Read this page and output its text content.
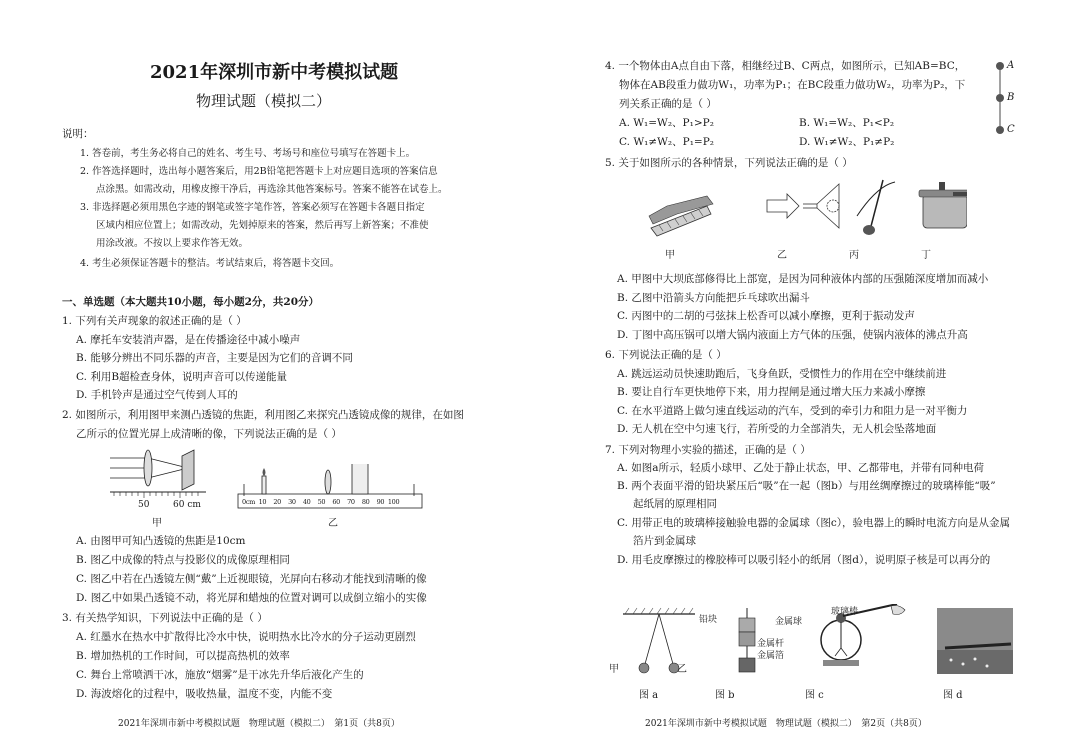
2021年深圳市新中考模拟试题
物理试题（模拟二）
说明：
1. 答卷前，考生务必将自己的姓名、考生号、考场号和座位号填写在答题卡上。
2. 作答选择题时，选出每小题答案后，用2B铅笔把答题卡上对应题目选项的答案信息
点涂黑。如需改动，用橡皮擦干净后，再选涂其他答案标号。答案不能答在试卷上。
3. 非选择题必须用黑色字迹的钢笔或签字笔作答，答案必须写在答题卡各题目指定
区域内相应位置上；如需改动，先划掉原来的答案，然后再写上新答案；不准使
用涂改液。不按以上要求作答无效。
4. 考生必须保证答题卡的整洁。考试结束后，将答题卡交回。
一、单选题（本大题共10小题，每小题2分，共20分）
1. 下列有关声现象的叙述正确的是（ ）
A. 摩托车安装消声器，是在传播途径中减小噪声
B. 能够分辨出不同乐器的声音，主要是因为它们的音调不同
C. 利用B超检查身体，说明声音可以传递能量
D. 手机铃声是通过空气传到人耳的
2. 如图所示，利用图甲来测凸透镜的焦距，利用图乙来探究凸透镜成像的规律，在如图
乙所示的位置光屏上成清晰的像，下列说法正确的是（ ）
50	60 cm
甲
0cm 10 20 30 40 50 60 70 80 90 100
乙
A. 由图甲可知凸透镜的焦距是10cm
B. 图乙中成像的特点与投影仪的成像原理相同
C. 图乙中若在凸透镜左侧“戴”上近视眼镜，光屏向右移动才能找到清晰的像
D. 图乙中如果凸透镜不动，将光屏和蜡烛的位置对调可以成倒立缩小的实像
3. 有关热学知识，下列说法中正确的是（ ）
A. 红墨水在热水中扩散得比冷水中快，说明热水比冷水的分子运动更剧烈
B. 增加热机的工作时间，可以提高热机的效率
C. 舞台上常喷洒干冰，施放“烟雾”是干冰先升华后液化产生的
D. 海波熔化的过程中，吸收热量，温度不变，内能不变
2021年深圳市新中考模拟试题　物理试题（模拟二）　第1页（共8页）
4. 一个物体由A点自由下落，相继经过B、C两点，如图所示，已知AB=BC，
物体在AB段重力做功W₁，功率为P₁；在BC段重力做功W₂，功率为P₂，下
列关系正确的是（ ）
A. W₁=W₂、P₁>P₂	B. W₁=W₂、P₁<P₂
C. W₁≠W₂、P₁=P₂	D. W₁≠W₂、P₁≠P₂
A
B
C
5. 关于如图所示的各种情景，下列说法正确的是（ ）
甲	乙	丙	丁
A. 甲图中大坝底部修得比上部宽，是因为同种液体内部的压强随深度增加而减小
B. 乙图中沿箭头方向能把乒乓球吹出漏斗
C. 丙图中的二胡的弓弦抹上松香可以减小摩擦，更利于振动发声
D. 丁图中高压锅可以增大锅内液面上方气体的压强，使锅内液体的沸点升高
6. 下列说法正确的是（ ）
A. 跳远运动员快速助跑后，飞身鱼跃，受惯性力的作用在空中继续前进
B. 要让自行车更快地停下来，用力捏闸是通过增大压力来减小摩擦
C. 在水平道路上做匀速直线运动的汽车，受到的牵引力和阻力是一对平衡力
D. 无人机在空中匀速飞行，若所受的力全部消失，无人机会坠落地面
7. 下列对物理小实验的描述，正确的是（ ）
A. 如图a所示，轻质小球甲、乙处于静止状态，甲、乙都带电，并带有同种电荷
B. 两个表面平滑的铅块紧压后“吸”在一起（图b）与用丝绸摩擦过的玻璃棒能“吸”
起纸屑的原理相同
C. 用带正电的玻璃棒接触验电器的金属球（图c），验电器上的瞬时电流方向是从金属
箔片到金属球
D. 用毛皮摩擦过的橡胶棒可以吸引轻小的纸屑（图d），说明原子核是可以再分的
甲	乙
铅块
玻璃棒
金属球
金属杆
金属箔
图 a	图 b	图 c	图 d
2021年深圳市新中考模拟试题　物理试题（模拟二）　第2页（共8页）
